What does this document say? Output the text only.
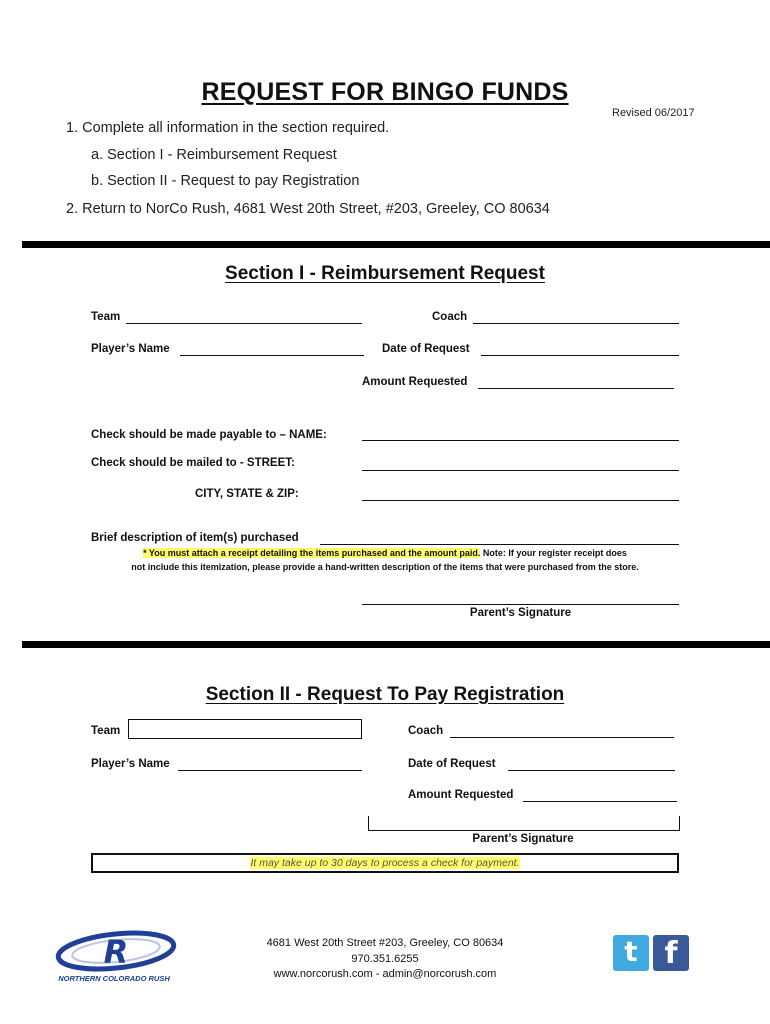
REQUEST FOR BINGO FUNDS
Revised 06/2017
1. Complete all information in the section required.
a. Section I - Reimbursement Request
b. Section II - Request to pay Registration
2. Return to NorCo Rush, 4681 West 20th Street, #203, Greeley, CO 80634
Section I - Reimbursement Request
Team	Coach
Player’s Name	Date of Request
Amount Requested
Check should be made payable to – NAME:
Check should be mailed to - STREET:
CITY, STATE & ZIP:
Brief description of item(s) purchased
* You must attach a receipt detailing the items purchased and the amount paid. Note: If your register receipt does
not include this itemization, please provide a hand-written description of the items that were purchased from the store.
Parent’s Signature
Section II - Request To Pay Registration
Team	Coach
Player’s Name	Date of Request
Amount Requested
Parent’s Signature
It may take up to 30 days to process a check for payment.
R
NORTHERN COLORADO RUSH
4681 West 20th Street #203, Greeley, CO 80634
970.351.6255
www.norcorush.com - admin@norcorush.com
t f
